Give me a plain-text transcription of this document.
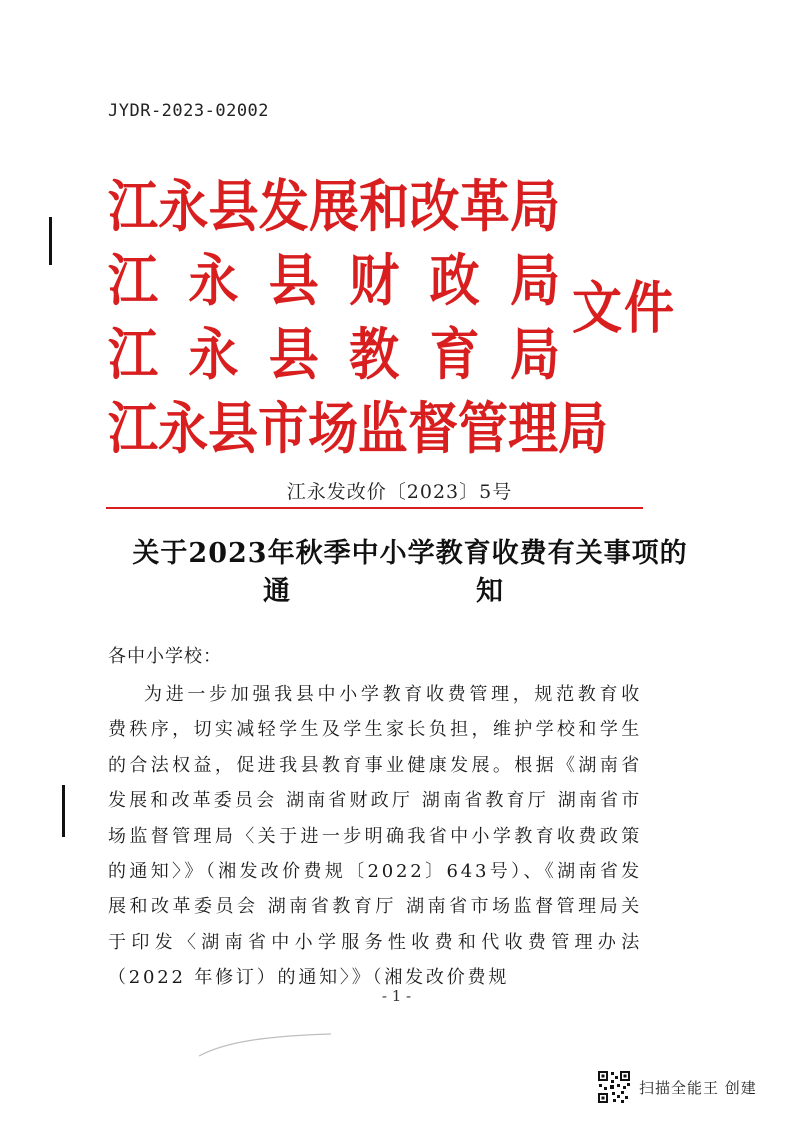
JYDR-2023-02002
江 永 县 发 展 和 改 革 局
江 永 县 财 政 局
江 永 县 教 育 局
江 永 县 市 场 监 督 管 理 局
文件
江永发改价〔2023〕5号
关于2023年秋季中小学教育收费有关事项的
通	知
各中小学校：

为进一步加强我县中小学教育收费管理，规范教育收费秩序，切实减轻学生及学生家长负担，维护学校和学生的合法权益，促进我县教育事业健康发展。根据《湖南省发展和改革委员会 湖南省财政厅 湖南省教育厅 湖南省市场监督管理局〈关于进一步明确我省中小学教育收费政策的通知〉》（湘发改价费规〔2022〕643号）、《湖南省发展和改革委员会 湖南省教育厅 湖南省市场监督管理局关于印发〈湖南省中小学服务性收费和代收费管理办法（2022 年修订）的通知〉》（湘发改价费规

- 1 -
扫描全能王 创建
